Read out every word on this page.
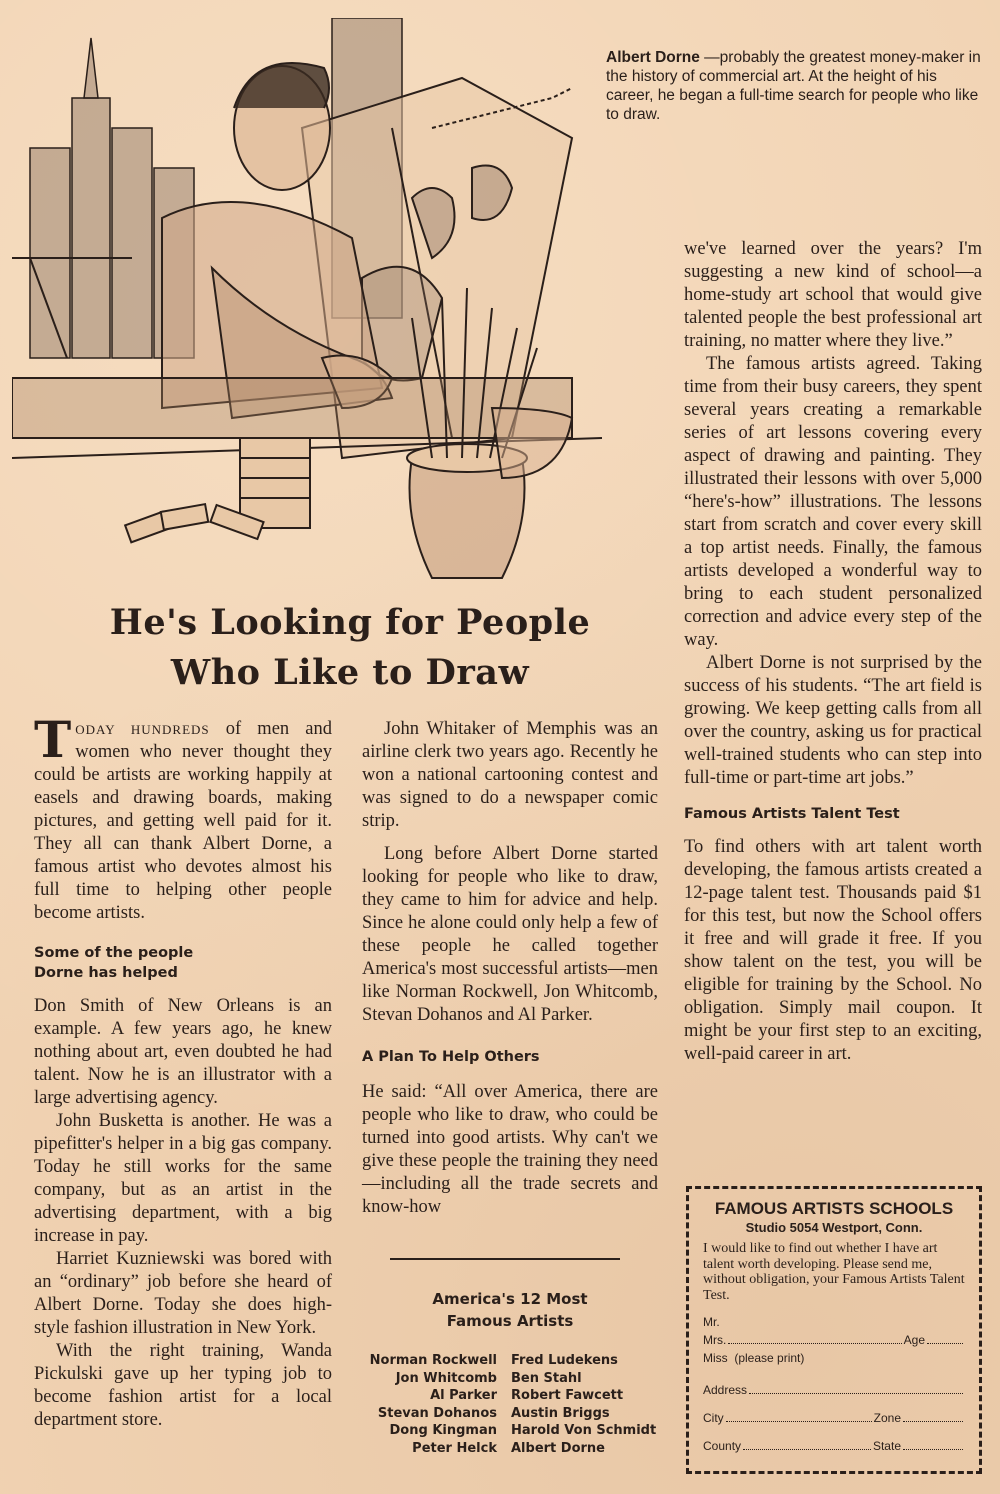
Albert Dorne —probably the greatest money-maker in the history of commercial art. At the height of his career, he began a full-time search for people who like to draw.
He's Looking for People
Who Like to Draw

TODAY HUNDREDS of men and women who never thought they could be artists are working happily at easels and drawing boards, making pictures, and getting well paid for it. They all can thank Albert Dorne, a famous artist who devotes almost his full time to helping other people become artists.

Some of the people
Dorne has helped

Don Smith of New Orleans is an example. A few years ago, he knew nothing about art, even doubted he had talent. Now he is an illustrator with a large advertising agency.

John Busketta is another. He was a pipefitter's helper in a big gas company. Today he still works for the same company, but as an artist in the advertising department, with a big increase in pay.

Harriet Kuzniewski was bored with an “ordinary” job before she heard of Albert Dorne. Today she does high-style fashion illustration in New York.

With the right training, Wanda Pickulski gave up her typing job to become fashion artist for a local department store.

John Whitaker of Memphis was an airline clerk two years ago. Recently he won a national cartooning contest and was signed to do a newspaper comic strip.

Long before Albert Dorne started looking for people who like to draw, they came to him for advice and help. Since he alone could only help a few of these people he called together America's most successful artists—men like Norman Rockwell, Jon Whitcomb, Stevan Dohanos and Al Parker.

A Plan To Help Others

He said: “All over America, there are people who like to draw, who could be turned into good artists. Why can't we give these people the training they need—including all the trade secrets and know-how

we've learned over the years? I'm suggesting a new kind of school—a home-study art school that would give talented people the best professional art training, no matter where they live.”

The famous artists agreed. Taking time from their busy careers, they spent several years creating a remarkable series of art lessons covering every aspect of drawing and painting. They illustrated their lessons with over 5,000 “here's-how” illustrations. The lessons start from scratch and cover every skill a top artist needs. Finally, the famous artists developed a wonderful way to bring to each student personalized correction and advice every step of the way.

Albert Dorne is not surprised by the success of his students. “The art field is growing. We keep getting calls from all over the country, asking us for practical well-trained students who can step into full-time or part-time art jobs.”

Famous Artists Talent Test

To find others with art talent worth developing, the famous artists created a 12-page talent test. Thousands paid $1 for this test, but now the School offers it free and will grade it free. If you show talent on the test, you will be eligible for training by the School. No obligation. Simply mail coupon. It might be your first step to an exciting, well-paid career in art.

America's 12 Most
Famous Artists
Norman Rockwell	Fred Ludekens
Jon Whitcomb	Ben Stahl
Al Parker	Robert Fawcett
Stevan Dohanos	Austin Briggs
Dong Kingman	Harold Von Schmidt
Peter Helck	Albert Dorne
FAMOUS ARTISTS SCHOOLS
Studio 5054 Westport, Conn.
I would like to find out whether I have art talent worth developing. Please send me, without obligation, your Famous Artists Talent Test.
Mr.
Mrs.	Age
Miss
(please print)
Address
City	Zone
County	State
